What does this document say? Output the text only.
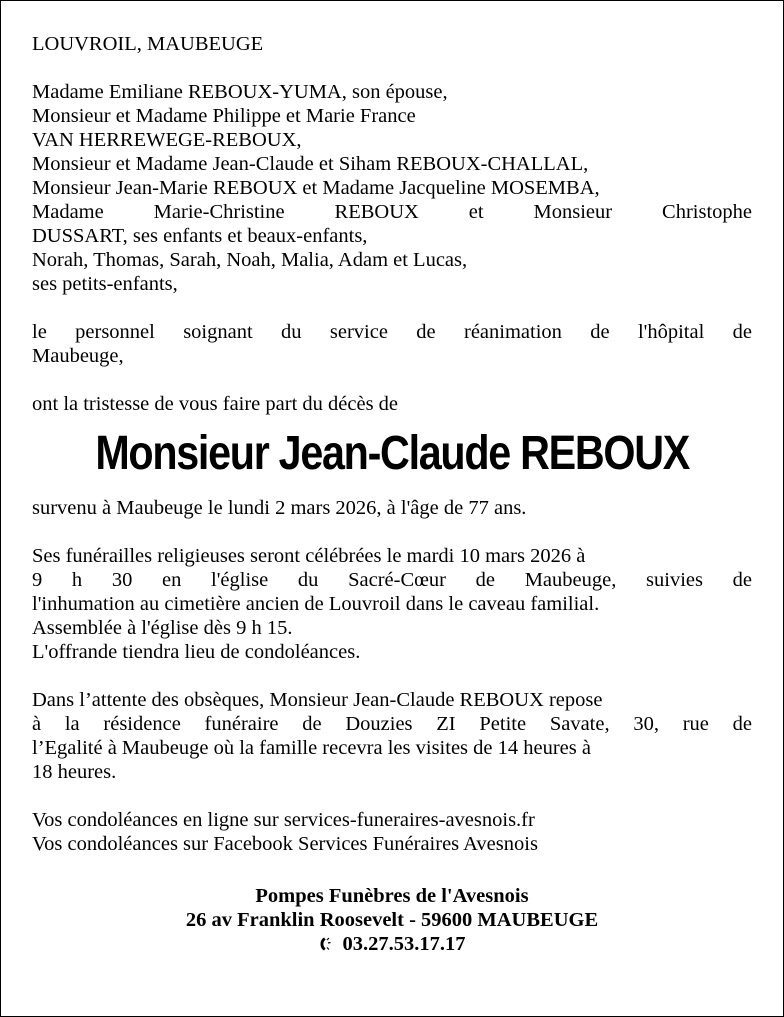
LOUVROIL, MAUBEUGE
Madame Emiliane REBOUX-YUMA, son épouse,
Monsieur et Madame Philippe et Marie France
VAN HERREWEGE-REBOUX,
Monsieur et Madame Jean-Claude et Siham REBOUX-CHALLAL,
Monsieur Jean-Marie REBOUX et Madame Jacqueline MOSEMBA,
Madame Marie-Christine REBOUX et Monsieur Christophe
DUSSART, ses enfants et beaux-enfants,
Norah, Thomas, Sarah, Noah, Malia, Adam et Lucas,
ses petits-enfants,
le personnel soignant du service de réanimation de l'hôpital de
Maubeuge,
ont la tristesse de vous faire part du décès de
Monsieur Jean-Claude REBOUX
survenu à Maubeuge le lundi 2 mars 2026, à l'âge de 77 ans.
Ses funérailles religieuses seront célébrées le mardi 10 mars 2026 à
9 h 30 en l'église du Sacré-Cœur de Maubeuge, suivies de
l'inhumation au cimetière ancien de Louvroil dans le caveau familial.
Assemblée à l'église dès 9 h 15.
L'offrande tiendra lieu de condoléances.
Dans l’attente des obsèques, Monsieur Jean-Claude REBOUX repose
à la résidence funéraire de Douzies ZI Petite Savate, 30, rue de
l’Egalité à Maubeuge où la famille recevra les visites de 14 heures à
18 heures.
Vos condoléances en ligne sur services-funeraires-avesnois.fr
Vos condoléances sur Facebook Services Funéraires Avesnois
Pompes Funèbres de l'Avesnois
26 av Franklin Roosevelt - 59600 MAUBEUGE
03.27.53.17.17
